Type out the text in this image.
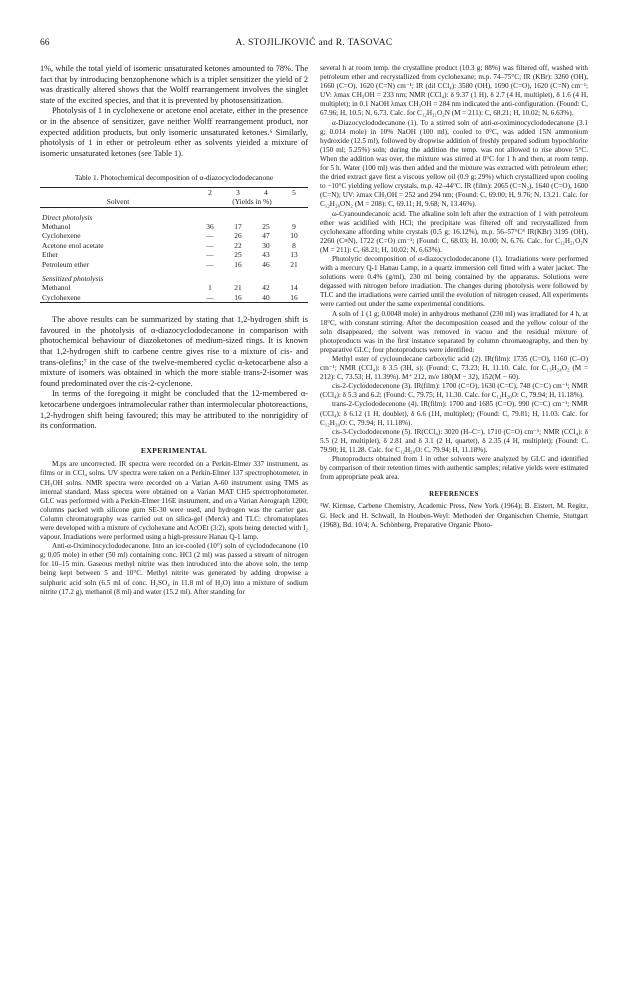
66	A. STOJILJKOVIĆ and R. TASOVAC

1%, while the total yield of isomeric unsaturated ketones amounted to 78%. The fact that by introducing benzophenone which is a triplet sensitizer the yield of 2 was drastically altered shows that the Wolff rearrangement involves the singlet state of the excited species, and that it is prevented by photosensitization.

Photolysis of 1 in cyclohexene or acetone enol acetate, either in the presence or in the absence of sensitizer, gave neither Wolff rearrangement product, nor expected addition products, but only isomeric unsaturated ketones.⁶ Similarly, photolysis of 1 in ether or petroleum ether as solvents yieided a mixture of isomeric unsaturated ketones (see Table 1).

Table 1. Photochemical decomposition of α-diazocyclododecanone
	2	3	4	5
Solvent	(Yields in %)			
Direct photolysis				
Methanol	36	17	25	9
Cyclohexene	—	26	47	10
Acetone enol acetate	—	22	30	8
Ether	—	25	43	13
Petroleum ether	—	16	46	21
Sensitized photolysis				
Methanol	1	21	42	14
Cyclohexene	—	16	40	16

The above results can be summarized by stating that 1,2-hydrogen shift is favoured in the photolysis of α-diazocyclododecanone in comparison with photochemical behaviour of diazoketones of medium-sized rings. It is known that 1,2-hydrogen shift to carbene centre gives rise to a mixture of cis- and trans-olefins;⁷ in the case of the twelve-membered cyclic α-ketocarbene also a mixture of isomers was obtained in which the more stable trans-2-isomer was found predominated over the cis-2-cyclenone.

In terms of the foregoing it might be concluded that the 12-membered α-ketocarbene undergoes intramolecular rather than intermolecular photoreactions, 1,2-hydrogen shift being favoured; this may be attributed to the nonrigidity of its conformation.

EXPERIMENTAL

M.ps are uncorrected. IR spectra were recorded on a Perkin-Elmer 337 instrument, as films or in CCl₄ solns. UV spectra were taken on a Perkin-Elmer 137 spectrophotometer, in CH₃OH solns. NMR spectra were recorded on a Varian A-60 instrument using TMS as internal standard. Mass spectra were obtained on a Varian MAT CH5 spectrophotometer. GLC was performed with a Perkin-Elmer 116E instrument, and on a Varian Aerograph 1200; columns packed with silicone gum SE-30 were used, and hydrogen was the carrier gas. Column chromatography was carried out on silica-gel (Merck) and TLC: chromatoplates were developed with a mixture of cyclohexane and AcOEt (3:2), spots being detected with I₂ vapour. Irradiations were performed using a high-pressure Hanau Q-1 lamp.

Anti-α-Oximinocyclododecanone. Into an ice-cooled (10°) soln of cyclododecanone (10 g; 0.05 mole) in ether (50 ml) containing conc. HCl (2 ml) was passed a stream of nitrogen for 10–15 min. Gaseous methyl nitrite was then introduced into the above soln, the temp being kept between 5 and 10°C. Methyl nitrite was generated by adding dropwise a sulphuric acid soln (6.5 ml of conc. H₂SO₄ in 11.8 ml of H₂O) into a mixture of sodium nitrite (17.2 g), methanol (8 ml) and water (15.2 ml). After standing for

several h at room temp. the crystalline product (10.3 g; 88%) was filtered off, washed with petroleum ether and recrystallized from cyclohexane; m.p. 74–75°C; IR (KBr): 3260 (OH), 1660 (C=O), 1620 (C=N) cm⁻¹; IR (dil CCl₄): 3580 (OH), 1690 (C=O), 1620 (C=N) cm⁻¹; UV: λmax CH₃OH = 233 nm; NMR (CCl₄): δ 9.37 (1 H), δ 2.7 (4 H, multiplet), δ 1.6 (4 H, multiplet); in 0.1 NaOH λmax CH₃OH = 284 nm indicated the anti-configuration. (Found: C, 67.96; H, 10.5; N, 6.73. Calc. for C₁₂H₂₁O₂N (M = 211): C, 68.21; H, 10.02; N, 6.63%).

α-Diazocyclododecanone (1). To a stirred soln of anti-α-oximinocyclododecanone (3.1 g; 0.014 mole) in 10% NaOH (100 ml), cooled to 0°C, was added 15N ammonium hydroxide (12.5 ml), followed by dropwise addition of freshly prepared sodium hypochlorite (150 ml; 5.25%) soln; during the addition the temp. was not allowed to rise above 5°C. When the addition was over, the mixture was stirred at 0°C for 1 h and then, at room temp. for 5 h. Water (100 ml) was then added and the mixture was extracted with petroleum ether; the dried extract gave first a viscous yellow oil (0.9 g; 29%) which crystallized upon cooling to −10°C yielding yellow crystals, m.p. 42–44°C. IR (film): 2065 (C=N₂), 1640 (C=O), 1600 (C=N); UV: λmax CH₃OH = 252 and 294 nm; (Found: C, 69.00; H, 9.76; N, 13.21. Calc. for C₁₂H₂₀ON₂ (M = 208): C, 69.11; H, 9.68; N, 13.46%).

ω-Cyanoundecanoic acid. The alkaline soln left after the extraction of 1 with petroleum ether was acidified with HCl; the precipitate was filtered off and recrystallized from cyclohexane affording white crystals (0.5 g; 16.12%), m.p. 56–57°C⁸ IR(KBr) 3195 (OH), 2260 (C≡N), 1722 (C=O) cm⁻¹; (Found: C, 68.03; H, 10.00; N, 6.76. Calc. for C₁₂H₂₁O₂N (M = 211): C, 68.21; H, 10.02; N, 6.63%).

Photolytic decomposition of α-diazocyclododecanone (1). Irradiations were performed with a mercury Q-1 Hanau Lamp, in a quartz immersion cell fitted with a water jacket. The solutions were 0.4% (g/ml), 230 ml being contained by the apparatus. Solutions were degassed with nitrogen before irradiation. The changes during photolysis were followed by TLC and the irradiations were carried until the evolution of nitrogen ceased. All experiments were carried out under the same experimental conditions.

A soln of 1 (1 g; 0.0048 mole) in anhydrous methanol (230 ml) was irradiated for 4 h, at 18°C, with constant stirring. After the decomposition ceased and the yellow colour of the soln disappeared, the solvent was removed in vacuo and the residual mixture of photoproducts was in the first instance separated by column chromatography, and then by preparative GLC; four photoproducts were identified:

Methyl ester of cycloundecane carboxylic acid (2). IR(film): 1735 (C=O), 1160 (C–O) cm⁻¹; NMR (CCl₄): δ 3.5 (3H, s); (Found: C, 73.23; H, 11.10. Calc. for C₁₃H₂₄O₂ (M = 212): C, 73.53; H, 11.39%). M⁺ 212, m/e 180(M − 32), 152(M − 60).

cis-2-Cyclododecenone (3). IR(film): 1700 (C=O), 1630 (C=C), 748 (C=C) cm⁻¹; NMR (CCl₄): δ 5.3 and 6.2; (Found: C, 79.75; H, 11.30. Calc. for C₁₂H₂₀O: C, 79.94; H, 11.18%).

trans-2-Cyclododecenone (4). IR(film): 1700 and 1685 (C=O), 990 (C=C) cm⁻¹; NMR (CCl₄): δ 6.12 (1 H, doublet), δ 6.6 (1H, multiplet); (Found: C, 79.81; H, 11.03. Calc. for C₁₂H₂₀O: C, 79.94; H, 11.18%).

cis-3-Cyclododecenone (5). IR(CCl₄): 3020 (H–C=), 1710 (C=O) cm⁻¹; NMR (CCl₄): δ 5.5 (2 H, multiplet), δ 2.81 and δ 3.1 (2 H, quartet), δ 2.35 (4 H, multiplet); (Found: C, 79.90; H, 11.28. Calc. for C₁₂H₂₀O: C, 79.94; H, 11.18%).

Photoproducts obtained from 1 in other solvents were analyzed by GLC and identified by comparison of their retention times with authentic samples; relative yields were estimated from appropriate peak area.

REFERENCES

¹W. Kirmse, Carbene Chemistry, Academic Press, New York (1964); B. Eistert, M. Regitz, G. Heck and H. Schwall, In Houben-Weyl: Methoden der Organischen Chemie, Stuttgart (1968), Bd. 10/4; A. Schönberg, Preparative Organic Photo-
